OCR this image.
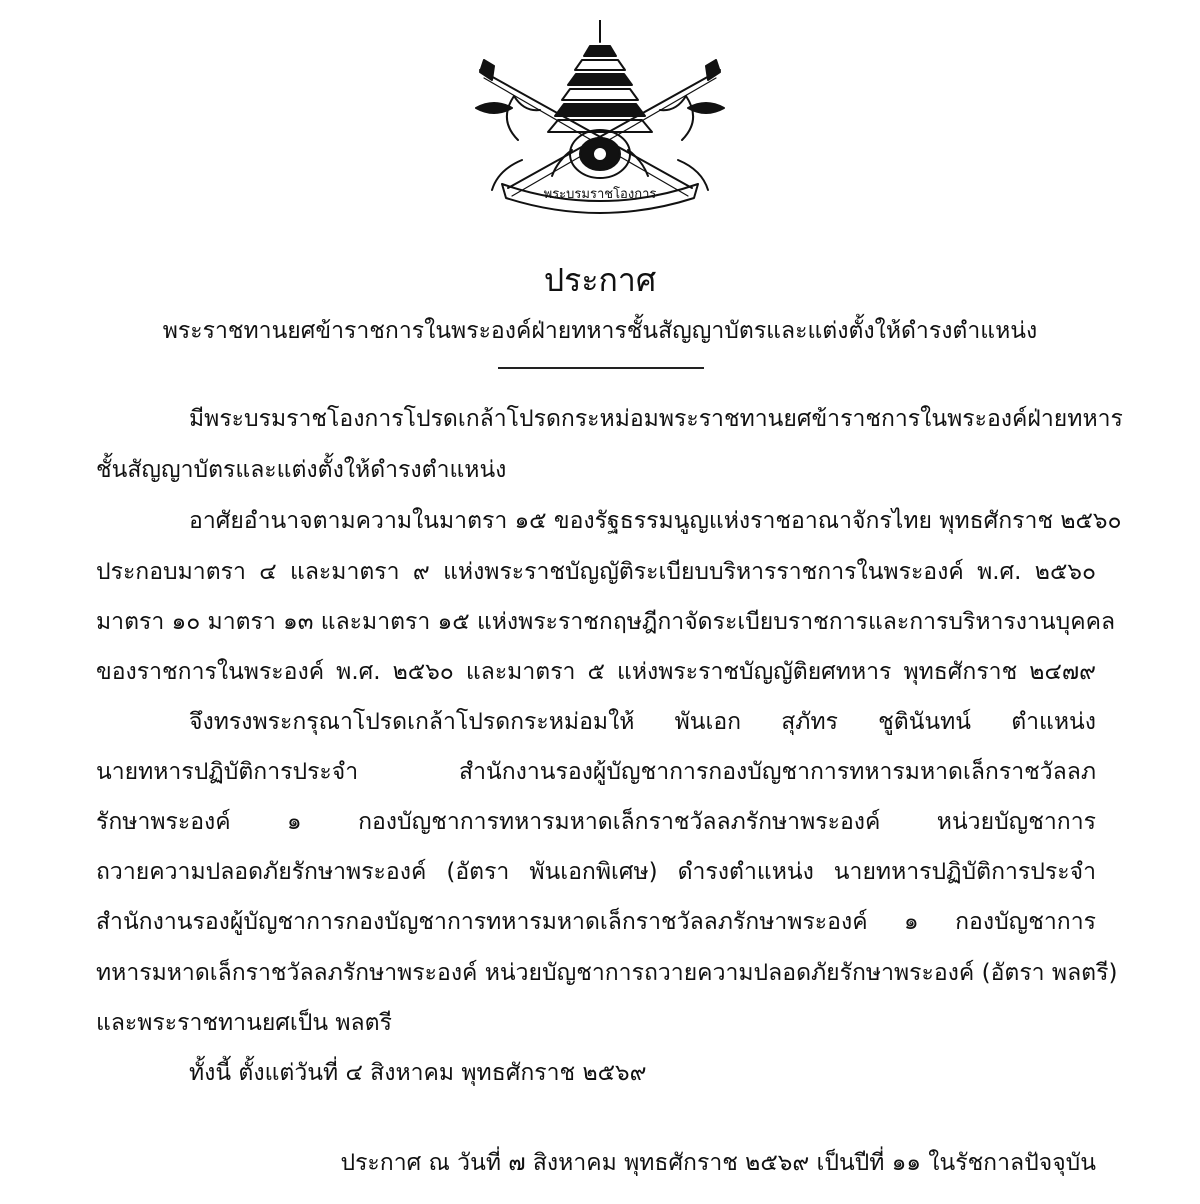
พระบรมราชโองการ
ประกาศ
พระราชทานยศข้าราชการในพระองค์ฝ่ายทหารชั้นสัญญาบัตรและแต่งตั้งให้ดำรงตำแหน่ง
มีพระบรมราชโองการโปรดเกล้าโปรดกระหม่อมพระราชทานยศข้าราชการในพระองค์ฝ่ายทหาร
ชั้นสัญญาบัตรและแต่งตั้งให้ดำรงตำแหน่ง
อาศัยอำนาจตามความในมาตรา ๑๕ ของรัฐธรรมนูญแห่งราชอาณาจักรไทย พุทธศักราช ๒๕๖๐
ประกอบมาตรา ๔ และมาตรา ๙ แห่งพระราชบัญญัติระเบียบบริหารราชการในพระองค์ พ.ศ. ๒๕๖๐
มาตรา ๑๐ มาตรา ๑๓ และมาตรา ๑๕ แห่งพระราชกฤษฎีกาจัดระเบียบราชการและการบริหารงานบุคคล
ของราชการในพระองค์ พ.ศ. ๒๕๖๐ และมาตรา ๕ แห่งพระราชบัญญัติยศทหาร พุทธศักราช ๒๔๗๙
จึงทรงพระกรุณาโปรดเกล้าโปรดกระหม่อมให้ พันเอก สุภัทร ชูตินันทน์ ตำแหน่ง
นายทหารปฏิบัติการประจำ สำนักงานรองผู้บัญชาการกองบัญชาการทหารมหาดเล็กราชวัลลภ
รักษาพระองค์ ๑ กองบัญชาการทหารมหาดเล็กราชวัลลภรักษาพระองค์ หน่วยบัญชาการ
ถวายความปลอดภัยรักษาพระองค์ (อัตรา พันเอกพิเศษ) ดำรงตำแหน่ง นายทหารปฏิบัติการประจำ
สำนักงานรองผู้บัญชาการกองบัญชาการทหารมหาดเล็กราชวัลลภรักษาพระองค์ ๑ กองบัญชาการ
ทหารมหาดเล็กราชวัลลภรักษาพระองค์ หน่วยบัญชาการถวายความปลอดภัยรักษาพระองค์ (อัตรา พลตรี)
และพระราชทานยศเป็น พลตรี
ทั้งนี้ ตั้งแต่วันที่ ๔ สิงหาคม พุทธศักราช ๒๕๖๙
ประกาศ ณ วันที่ ๗ สิงหาคม พุทธศักราช ๒๕๖๙ เป็นปีที่ ๑๑ ในรัชกาลปัจจุบัน
